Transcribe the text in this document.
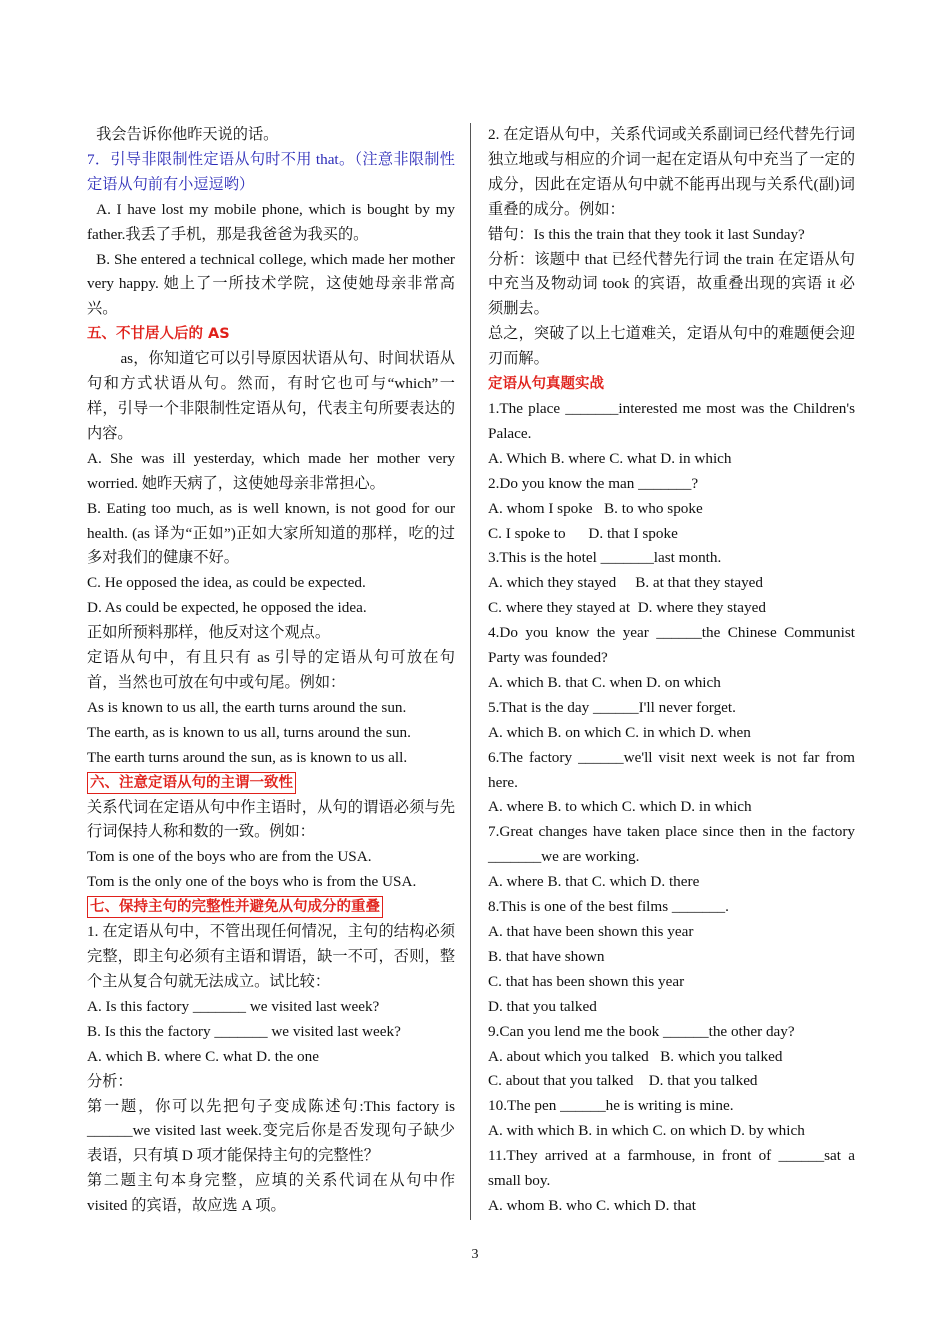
我会告诉你他昨天说的话。

7．引导非限制性定语从句时不用 that。（注意非限制性定语从句前有小逗逗哟）

A. I have lost my mobile phone, which is bought by my father.我丢了手机，那是我爸爸为我买的。

B. She entered a technical college, which made her mother very happy. 她上了一所技术学院，这使她母亲非常高兴。

五、不甘居人后的 AS

as，你知道它可以引导原因状语从句、时间状语从句和方式状语从句。然而，有时它也可与“which”一样，引导一个非限制性定语从句，代表主句所要表达的内容。

A. She was ill yesterday, which made her mother very worried. 她昨天病了，这使她母亲非常担心。

B. Eating too much, as is well known, is not good for our health. (as 译为“正如”)正如大家所知道的那样，吃的过多对我们的健康不好。

C. He opposed the idea, as could be expected.

D. As could be expected, he opposed the idea.

正如所预料那样，他反对这个观点。

定语从句中，有且只有 as 引导的定语从句可放在句首，当然也可放在句中或句尾。例如：

As is known to us all, the earth turns around the sun.

The earth, as is known to us all, turns around the sun.

The earth turns around the sun, as is known to us all.

六、注意定语从句的主谓一致性

关系代词在定语从句中作主语时，从句的谓语必须与先行词保持人称和数的一致。例如：

Tom is one of the boys who are from the USA.

Tom is the only one of the boys who is from the USA.

七、保持主句的完整性并避免从句成分的重叠

1. 在定语从句中，不管出现任何情况，主句的结构必须完整，即主句必须有主语和谓语，缺一不可，否则，整个主从复合句就无法成立。试比较：

A. Is this factory _______ we visited last week?

B. Is this the factory _______ we visited last week?

A. which B. where C. what D. the one

分析：

第一题，你可以先把句子变成陈述句:This factory is ______we visited last week.变完后你是否发现句子缺少表语，只有填 D 项才能保持主句的完整性？

第二题主句本身完整，应填的关系代词在从句中作 visited 的宾语，故应选 A 项。

2. 在定语从句中，关系代词或关系副词已经代替先行词独立地或与相应的介词一起在定语从句中充当了一定的成分，因此在定语从句中就不能再出现与关系代(副)词重叠的成分。例如：

错句：Is this the train that they took it last Sunday?

分析：该题中 that 已经代替先行词 the train 在定语从句中充当及物动词 took 的宾语，故重叠出现的宾语 it 必须删去。

总之，突破了以上七道难关，定语从句中的难题便会迎刃而解。

定语从句真题实战

1.The place _______interested me most was the Children's Palace.

A. Which B. where C. what D. in which

2.Do you know the man _______?

A. whom I spoke   B. to who spoke

C. I spoke to      D. that I spoke

3.This is the hotel _______last month.

A. which they stayed     B. at that they stayed

C. where they stayed at  D. where they stayed

4.Do you know the year ______the Chinese Communist Party was founded?

A. which B. that C. when D. on which

5.That is the day ______I'll never forget.

A. which B. on which C. in which D. when

6.The factory ______we'll visit next week is not far from here.

A. where B. to which C. which D. in which

7.Great changes have taken place since then in the factory _______we are working.

A. where B. that C. which D. there

8.This is one of the best films _______.

A. that have been shown this year

B. that have shown

C. that has been shown this year

D. that you talked

9.Can you lend me the book ______the other day?

A. about which you talked   B. which you talked

C. about that you talked    D. that you talked

10.The pen ______he is writing is mine.

A. with which B. in which C. on which D. by which

11.They arrived at a farmhouse, in front of ______sat a small boy.

A. whom B. who C. which D. that

3
